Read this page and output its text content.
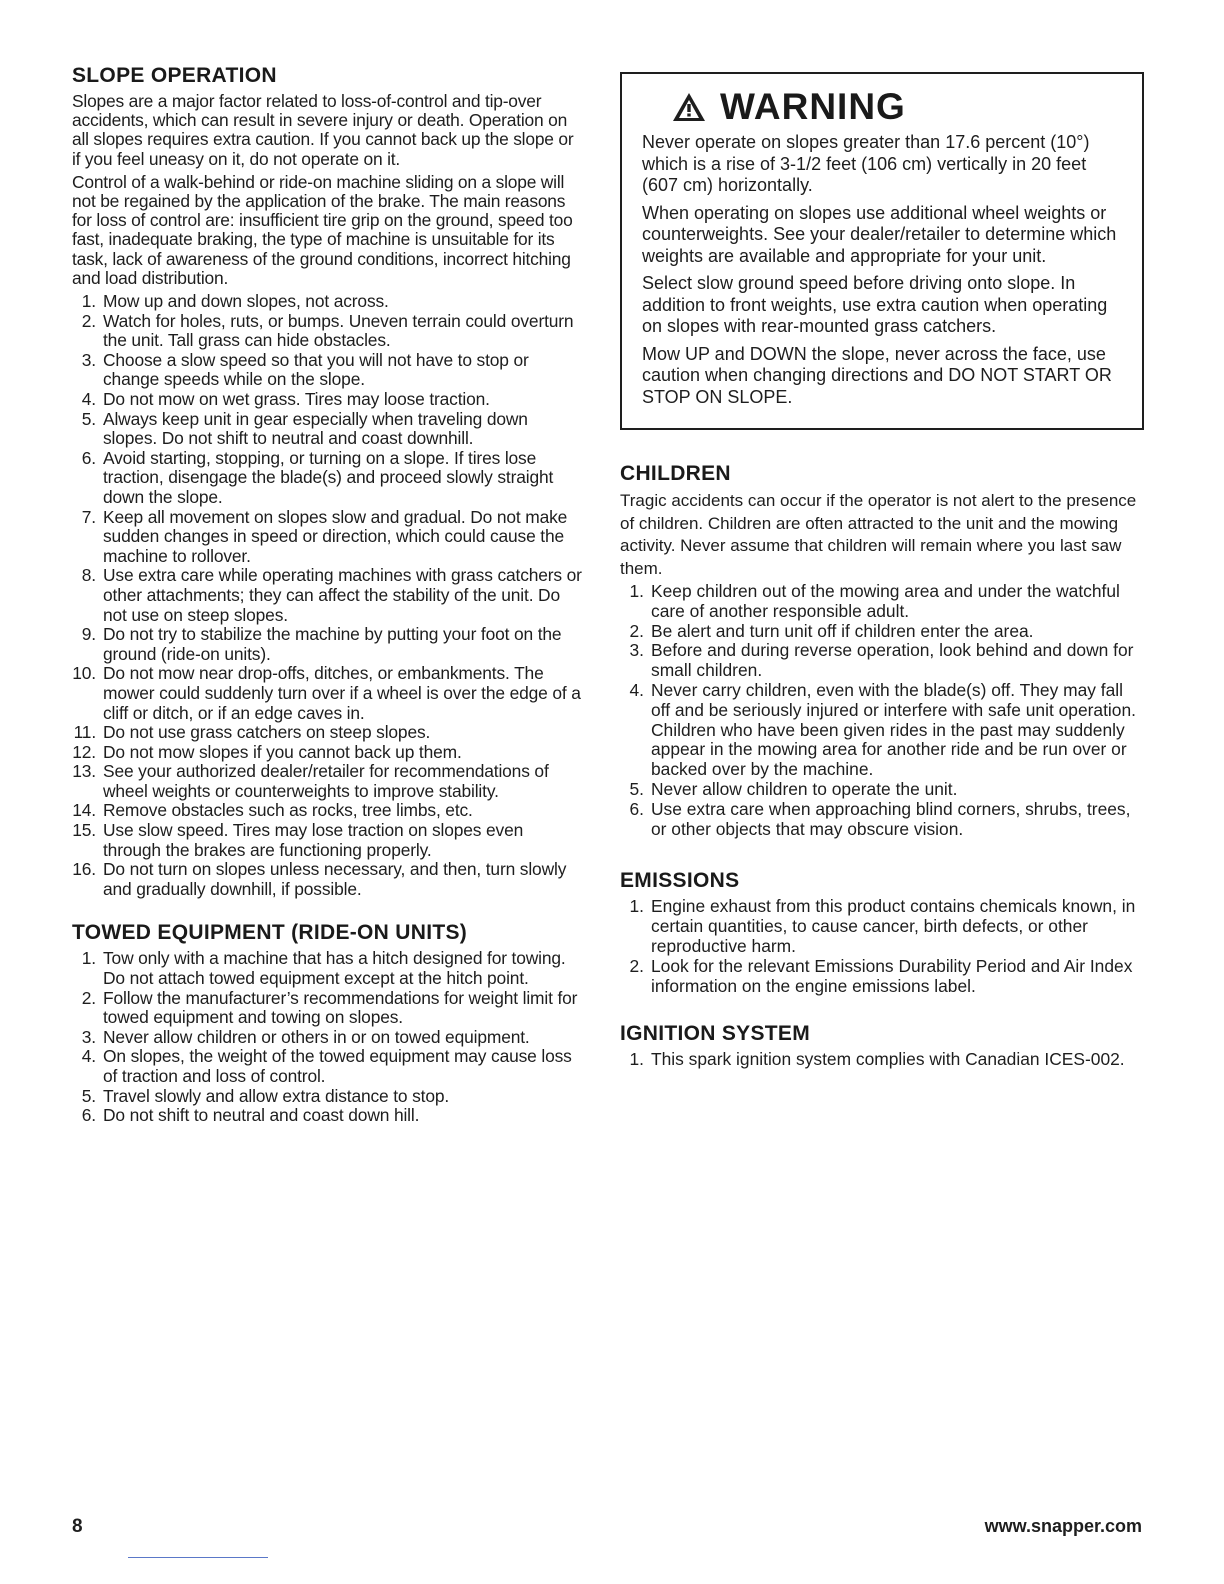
SLOPE OPERATION

Slopes are a major factor related to loss-of-control and tip-over accidents, which can result in severe injury or death. Operation on all slopes requires extra caution. If you cannot back up the slope or if you feel uneasy on it, do not operate on it.

Control of a walk-behind or ride-on machine sliding on a slope will not be regained by the application of the brake. The main reasons for loss of control are: insufficient tire grip on the ground, speed too fast, inadequate braking, the type of machine is unsuitable for its task, lack of awareness of the ground conditions, incorrect hitching and load distribution.

1. Mow up and down slopes, not across.
2. Watch for holes, ruts, or bumps. Uneven terrain could overturn the unit. Tall grass can hide obstacles.
3. Choose a slow speed so that you will not have to stop or change speeds while on the slope.
4. Do not mow on wet grass. Tires may loose traction.
5. Always keep unit in gear especially when traveling down slopes. Do not shift to neutral and coast downhill.
6. Avoid starting, stopping, or turning on a slope. If tires lose traction, disengage the blade(s) and proceed slowly straight down the slope.
7. Keep all movement on slopes slow and gradual. Do not make sudden changes in speed or direction, which could cause the machine to rollover.
8. Use extra care while operating machines with grass catchers or other attachments; they can affect the stability of the unit. Do not use on steep slopes.
9. Do not try to stabilize the machine by putting your foot on the ground (ride-on units).
10. Do not mow near drop-offs, ditches, or embankments. The mower could suddenly turn over if a wheel is over the edge of a cliff or ditch, or if an edge caves in.
11. Do not use grass catchers on steep slopes.
12. Do not mow slopes if you cannot back up them.
13. See your authorized dealer/retailer for recommendations of wheel weights or counterweights to improve stability.
14. Remove obstacles such as rocks, tree limbs, etc.
15. Use slow speed. Tires may lose traction on slopes even through the brakes are functioning properly.
16. Do not turn on slopes unless necessary, and then, turn slowly and gradually downhill, if possible.
TOWED EQUIPMENT (RIDE-ON UNITS)
1. Tow only with a machine that has a hitch designed for towing. Do not attach towed equipment except at the hitch point.
2. Follow the manufacturer’s recommendations for weight limit for towed equipment and towing on slopes.
3. Never allow children or others in or on towed equipment.
4. On slopes, the weight of the towed equipment may cause loss of traction and loss of control.
5. Travel slowly and allow extra distance to stop.
6. Do not shift to neutral and coast down hill.
WARNING

Never operate on slopes greater than 17.6 percent (10°) which is a rise of 3-1/2 feet (106 cm) vertically in 20 feet (607 cm) horizontally.

When operating on slopes use additional wheel weights or counterweights. See your dealer/retailer to determine which weights are available and appropriate for your unit.

Select slow ground speed before driving onto slope. In addition to front weights, use extra caution when operating on slopes with rear-mounted grass catchers.

Mow UP and DOWN the slope, never across the face, use caution when changing directions and DO NOT START OR STOP ON SLOPE.

CHILDREN

Tragic accidents can occur if the operator is not alert to the presence of children. Children are often attracted to the unit and the mowing activity. Never assume that children will remain where you last saw them.

1. Keep children out of the mowing area and under the watchful care of another responsible adult.
2. Be alert and turn unit off if children enter the area.
3. Before and during reverse operation, look behind and down for small children.
4. Never carry children, even with the blade(s) off. They may fall off and be seriously injured or interfere with safe unit operation. Children who have been given rides in the past may suddenly appear in the mowing area for another ride and be run over or backed over by the machine.
5. Never allow children to operate the unit.
6. Use extra care when approaching blind corners, shrubs, trees, or other objects that may obscure vision.
EMISSIONS
1. Engine exhaust from this product contains chemicals known, in certain quantities, to cause cancer, birth defects, or other reproductive harm.
2. Look for the relevant Emissions Durability Period and Air Index information on the engine emissions label.
IGNITION SYSTEM
1. This spark ignition system complies with Canadian ICES-002.
8	www.snapper.com
